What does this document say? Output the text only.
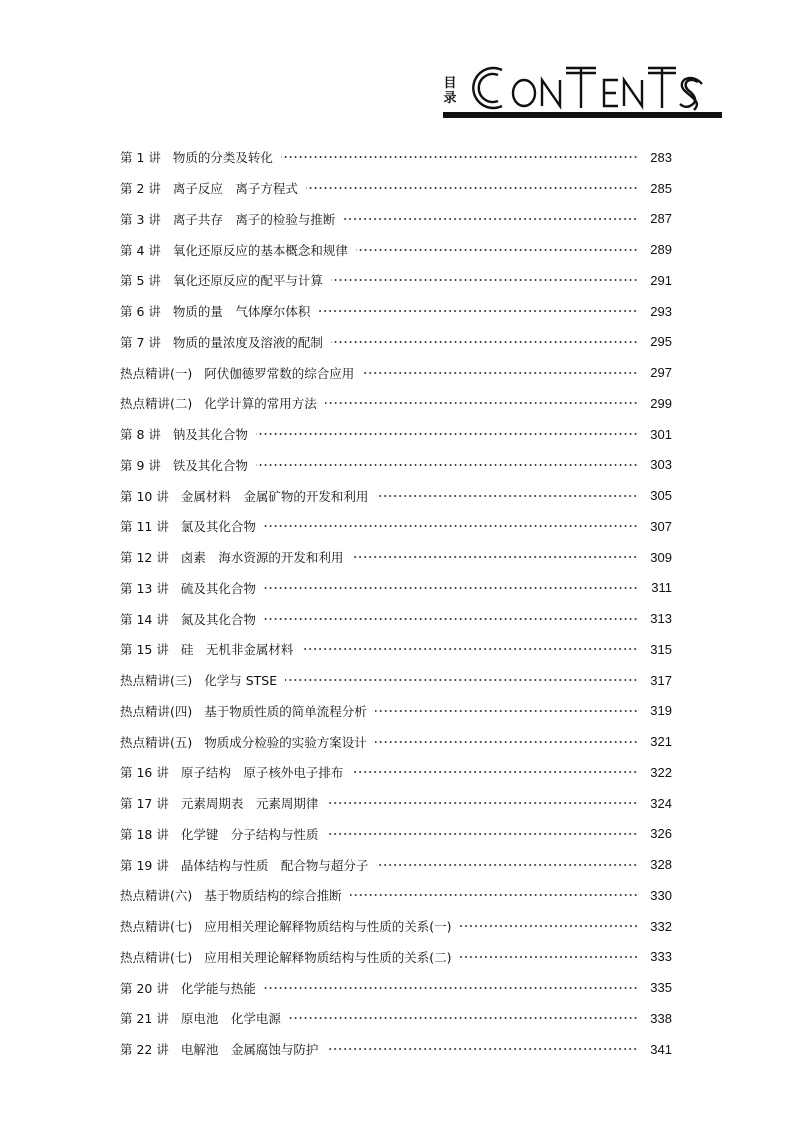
目
录
第 1 讲 物质的分类及转化	283
第 2 讲 离子反应　离子方程式	285
第 3 讲 离子共存　离子的检验与推断	287
第 4 讲 氧化还原反应的基本概念和规律	289
第 5 讲 氧化还原反应的配平与计算	291
第 6 讲 物质的量　气体摩尔体积	293
第 7 讲 物质的量浓度及溶液的配制	295
热点精讲(一) 阿伏伽德罗常数的综合应用	297
热点精讲(二) 化学计算的常用方法	299
第 8 讲 钠及其化合物	301
第 9 讲 铁及其化合物	303
第 10 讲 金属材料　金属矿物的开发和利用	305
第 11 讲 氯及其化合物	307
第 12 讲 卤素　海水资源的开发和利用	309
第 13 讲 硫及其化合物	311
第 14 讲 氮及其化合物	313
第 15 讲 硅　无机非金属材料	315
热点精讲(三) 化学与 STSE	317
热点精讲(四) 基于物质性质的简单流程分析	319
热点精讲(五) 物质成分检验的实验方案设计	321
第 16 讲 原子结构　原子核外电子排布	322
第 17 讲 元素周期表　元素周期律	324
第 18 讲 化学键　分子结构与性质	326
第 19 讲 晶体结构与性质　配合物与超分子	328
热点精讲(六) 基于物质结构的综合推断	330
热点精讲(七) 应用相关理论解释物质结构与性质的关系(一)	332
热点精讲(七) 应用相关理论解释物质结构与性质的关系(二)	333
第 20 讲 化学能与热能	335
第 21 讲 原电池　化学电源	338
第 22 讲 电解池　金属腐蚀与防护	341
